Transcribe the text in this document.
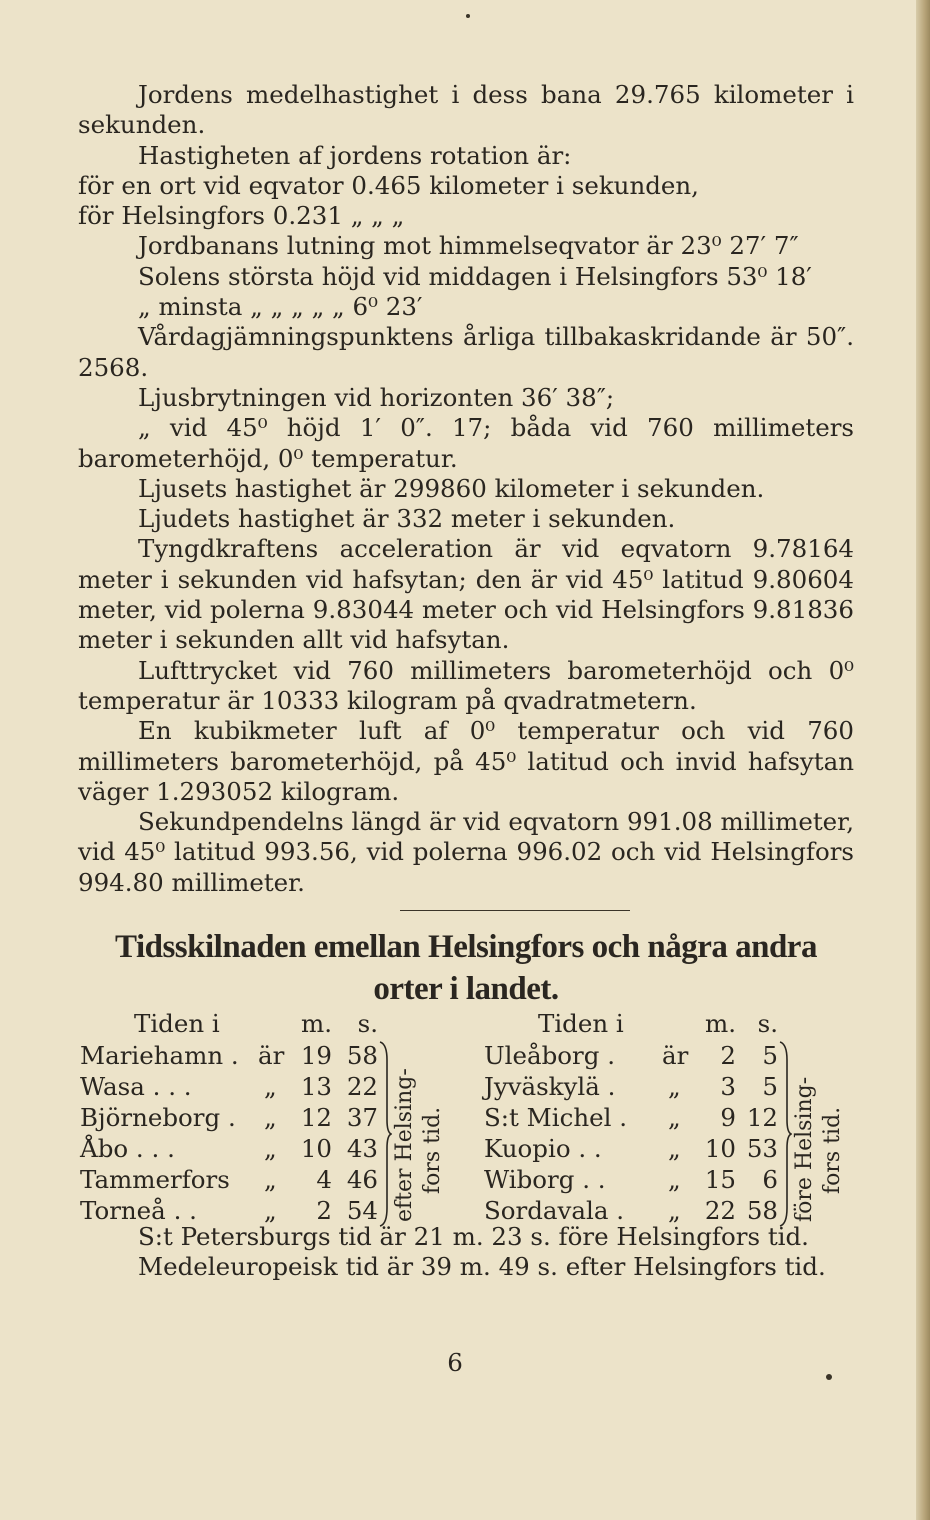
Jordens medelhastighet i dess bana 29.765 kilometer i sekunden.

Hastigheten af jordens rotation är:

för en ort vid eqvator 0.465 kilometer i sekunden,

för Helsingfors 0.231 „ „ „

Jordbanans lutning mot himmelseqvator är 23⁰ 27′ 7″

Solens största höjd vid middagen i Helsingfors 53⁰ 18′

„ minsta „ „ „ „ „ 6⁰ 23′

Vårdagjämningspunktens årliga tillbakaskridande är 50″. 2568.

Ljusbrytningen vid horizonten 36′ 38″;

„ vid 45⁰ höjd 1′ 0″. 17; båda vid 760 millimeters barometerhöjd, 0⁰ temperatur.

Ljusets hastighet är 299860 kilometer i sekunden.

Ljudets hastighet är 332 meter i sekunden.

Tyngdkraftens acceleration är vid eqvatorn 9.78164 meter i sekunden vid hafsytan; den är vid 45⁰ latitud 9.80604 meter, vid polerna 9.83044 meter och vid Helsingfors 9.81836 meter i sekunden allt vid hafsytan.

Lufttrycket vid 760 millimeters barometerhöjd och 0⁰ temperatur är 10333 kilogram på qvadratmetern.

En kubikmeter luft af 0⁰ temperatur och vid 760 millimeters barometerhöjd, på 45⁰ latitud och invid hafsytan väger 1.293052 kilogram.

Sekundpendelns längd är vid eqvatorn 991.08 millimeter, vid 45⁰ latitud 993.56, vid polerna 996.02 och vid Helsingfors 994.80 millimeter.

Tidsskilnaden emellan Helsingfors och några andra
orter i landet.
Tiden i
Mariehamn .
Wasa . . .
Björneborg .
Åbo . . .
Tammerfors
Torneå . .
är
„
„
„
„
„
m.
19
13
12
10
4
2
s.
58
22
37
43
46
54 efter Helsing- fors tid.
Tiden i
Uleåborg .
Jyväskylä .
S:t Michel .
Kuopio . .
Wiborg . .
Sordavala .
är
„
„
„
„
„
m.
2
3
9
10
15
22
s.
5
5
12
53
6
58 före Helsing- fors tid.

S:t Petersburgs tid är 21 m. 23 s. före Helsingfors tid.

Medeleuropeisk tid är 39 m. 49 s. efter Helsingfors tid.

6
